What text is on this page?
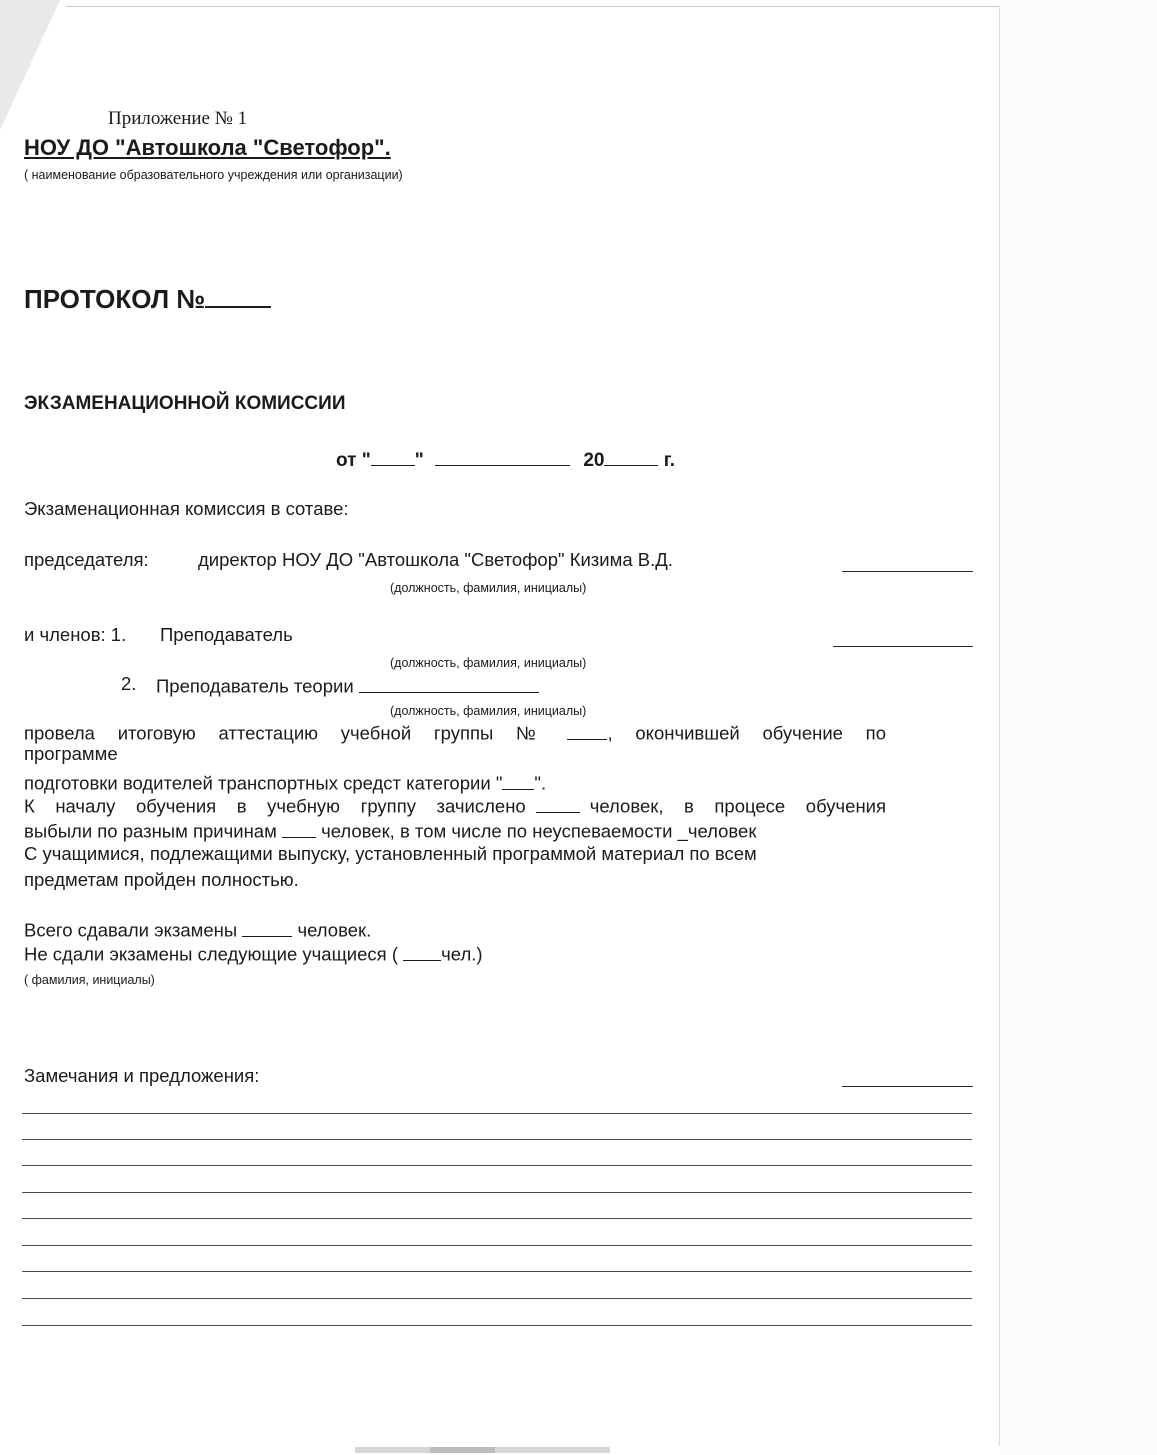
Приложение № 1
НОУ ДО "Автошкола "Светофор".
( наименование образовательного учреждения или организации)
ПРОТОКОЛ №
ЭКЗАМЕНАЦИОННОЙ КОМИССИИ
от " "	20	г.
Экзаменационная комиссия в сотаве:
председателя:	директор НОУ ДО "Автошкола "Светофор" Кизима В.Д.
(должность, фамилия, инициалы)
и членов: 1. Преподаватель
(должность, фамилия, инициалы)
2. Преподаватель теории
(должность, фамилия, инициалы)
провела итоговую аттестацию учебной группы №	, окончившей обучение по
программе
подготовки водителей транспортных средст категории " ".
К началу обучения в учебную группу зачислено	человек, в процесе обучения
выбыли по разным причинам человек, в том числе по неуспеваемости _человек
С учащимися, подлежащими выпуску, установленный программой материал по всем
предметам пройден полностью.
Всего сдавали экзамены	человек.
Не сдали экзамены следующие учащиеся ( чел.)
( фамилия, инициалы)
Замечания и предложения:
